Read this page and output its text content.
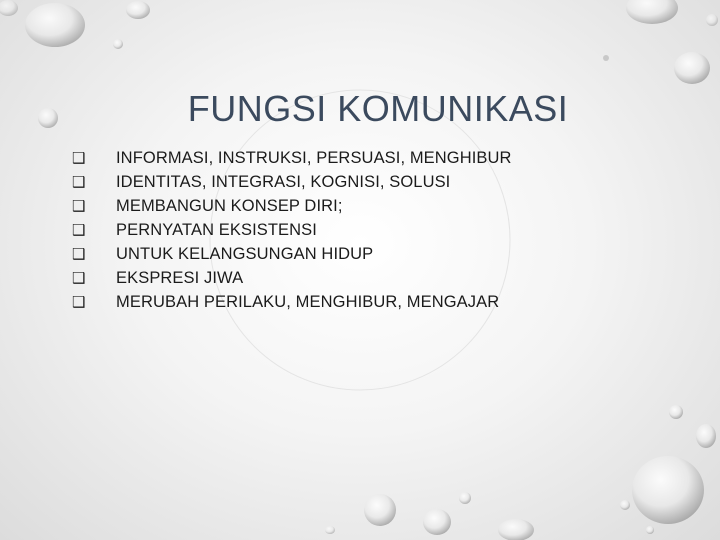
FUNGSI KOMUNIKASI
❑	INFORMASI, INSTRUKSI, PERSUASI, MENGHIBUR
❑	IDENTITAS, INTEGRASI, KOGNISI, SOLUSI
❑	MEMBANGUN KONSEP DIRI;
❑	PERNYATAN EKSISTENSI
❑	UNTUK KELANGSUNGAN HIDUP
❑	EKSPRESI JIWA
❑	MERUBAH PERILAKU, MENGHIBUR, MENGAJAR
